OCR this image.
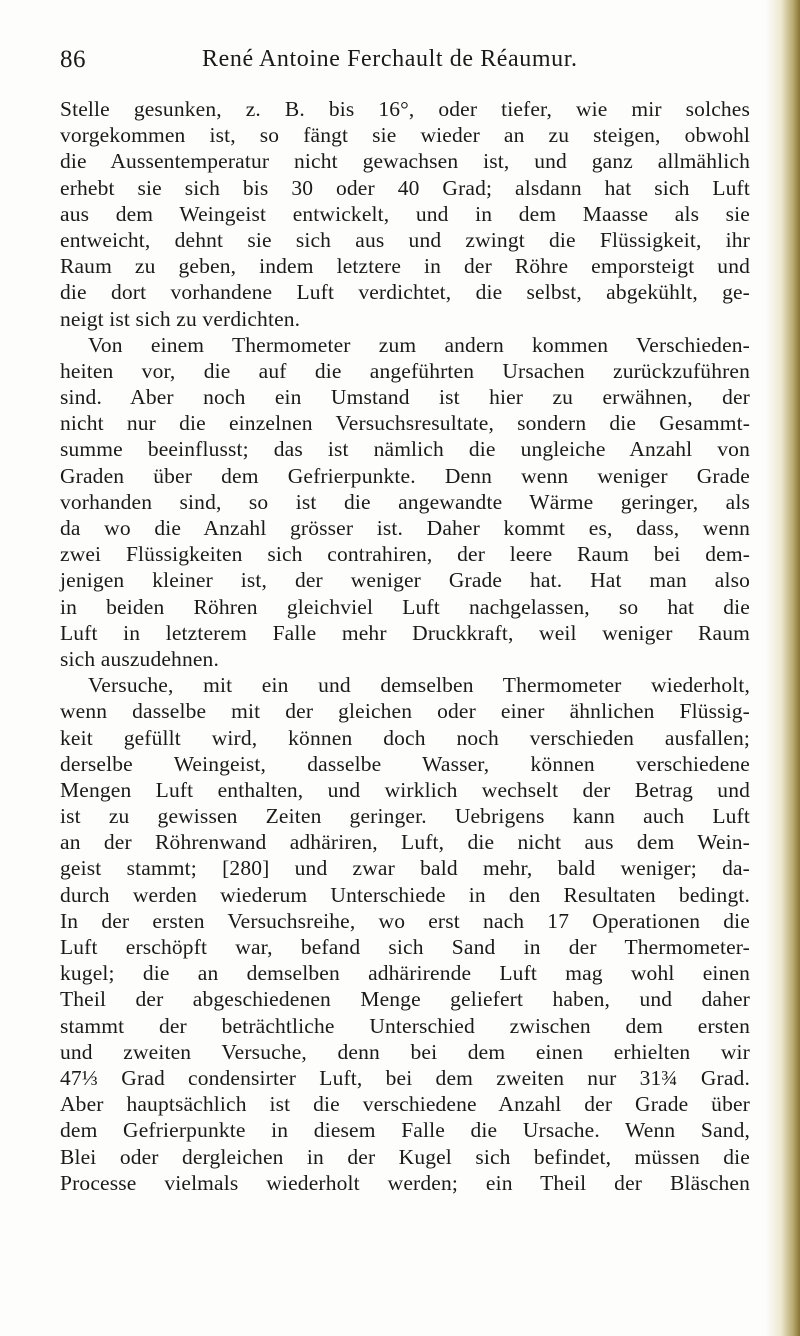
86	René Antoine Ferchault de Réaumur.
Stelle gesunken, z. B. bis 16°, oder tiefer, wie mir solches
vorgekommen ist, so fängt sie wieder an zu steigen, obwohl
die Aussentemperatur nicht gewachsen ist, und ganz allmählich
erhebt sie sich bis 30 oder 40 Grad; alsdann hat sich Luft
aus dem Weingeist entwickelt, und in dem Maasse als sie
entweicht, dehnt sie sich aus und zwingt die Flüssigkeit, ihr
Raum zu geben, indem letztere in der Röhre emporsteigt und
die dort vorhandene Luft verdichtet, die selbst, abgekühlt, ge-
neigt ist sich zu verdichten.
Von einem Thermometer zum andern kommen Verschieden-
heiten vor, die auf die angeführten Ursachen zurückzuführen
sind. Aber noch ein Umstand ist hier zu erwähnen, der
nicht nur die einzelnen Versuchsresultate, sondern die Gesammt-
summe beeinflusst; das ist nämlich die ungleiche Anzahl von
Graden über dem Gefrierpunkte. Denn wenn weniger Grade
vorhanden sind, so ist die angewandte Wärme geringer, als
da wo die Anzahl grösser ist. Daher kommt es, dass, wenn
zwei Flüssigkeiten sich contrahiren, der leere Raum bei dem-
jenigen kleiner ist, der weniger Grade hat. Hat man also
in beiden Röhren gleichviel Luft nachgelassen, so hat die
Luft in letzterem Falle mehr Druckkraft, weil weniger Raum
sich auszudehnen.
Versuche, mit ein und demselben Thermometer wiederholt,
wenn dasselbe mit der gleichen oder einer ähnlichen Flüssig-
keit gefüllt wird, können doch noch verschieden ausfallen;
derselbe Weingeist, dasselbe Wasser, können verschiedene
Mengen Luft enthalten, und wirklich wechselt der Betrag und
ist zu gewissen Zeiten geringer. Uebrigens kann auch Luft
an der Röhrenwand adhäriren, Luft, die nicht aus dem Wein-
geist stammt; [280] und zwar bald mehr, bald weniger; da-
durch werden wiederum Unterschiede in den Resultaten bedingt.
In der ersten Versuchsreihe, wo erst nach 17 Operationen die
Luft erschöpft war, befand sich Sand in der Thermometer-
kugel; die an demselben adhärirende Luft mag wohl einen
Theil der abgeschiedenen Menge geliefert haben, und daher
stammt der beträchtliche Unterschied zwischen dem ersten
und zweiten Versuche, denn bei dem einen erhielten wir
47⅓ Grad condensirter Luft, bei dem zweiten nur 31¾ Grad.
Aber hauptsächlich ist die verschiedene Anzahl der Grade über
dem Gefrierpunkte in diesem Falle die Ursache. Wenn Sand,
Blei oder dergleichen in der Kugel sich befindet, müssen die
Processe vielmals wiederholt werden; ein Theil der Bläschen
